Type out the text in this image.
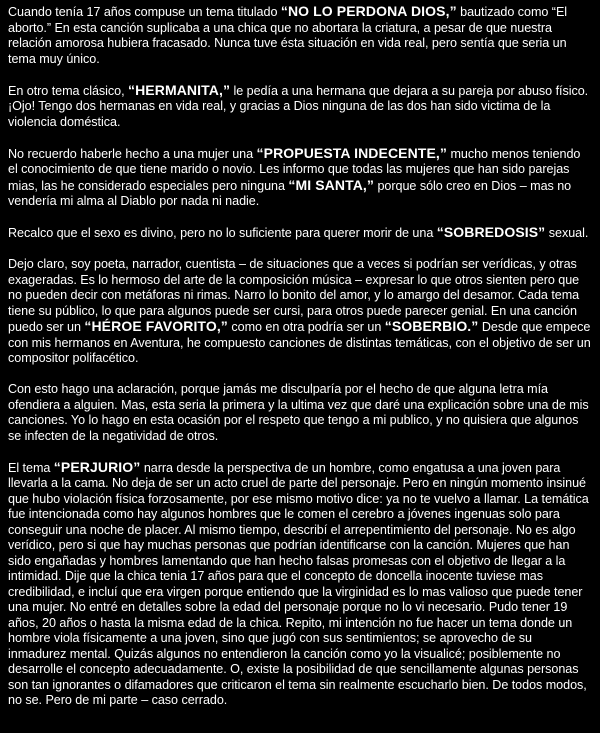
Cuando tenía 17 años compuse un tema titulado “NO LO PERDONA DIOS,” bautizado como “El aborto.” En esta canción suplicaba a una chica que no abortara la criatura, a pesar de que nuestra relación amorosa hubiera fracasado. Nunca tuve ésta situación en vida real, pero sentía que seria un tema muy único.

En otro tema clásico, “HERMANITA,” le pedía a una hermana que dejara a su pareja por abuso físico. ¡Ojo! Tengo dos hermanas en vida real, y gracias a Dios ninguna de las dos han sido victima de la violencia doméstica.

No recuerdo haberle hecho a una mujer una “PROPUESTA INDECENTE,” mucho menos teniendo el conocimiento de que tiene marido o novio. Les informo que todas las mujeres que han sido parejas mias, las he considerado especiales pero ninguna “MI SANTA,” porque sólo creo en Dios – mas no vendería mi alma al Diablo por nada ni nadie.

Recalco que el sexo es divino, pero no lo suficiente para querer morir de una “SOBREDOSIS” sexual.

Dejo claro, soy poeta, narrador, cuentista – de situaciones que a veces si podrían ser verídicas, y otras exageradas. Es lo hermoso del arte de la composición música – expresar lo que otros sienten pero que no pueden decir con metáforas ni rimas. Narro lo bonito del amor, y lo amargo del desamor. Cada tema tiene su público, lo que para algunos puede ser cursi, para otros puede parecer genial. En una canción puedo ser un “HÉROE FAVORITO,” como en otra podría ser un “SOBERBIO.” Desde que empece con mis hermanos en Aventura, he compuesto canciones de distintas temáticas, con el objetivo de ser un compositor polifacético.

Con esto hago una aclaración, porque jamás me disculparía por el hecho de que alguna letra mía ofendiera a alguien. Mas, esta seria la primera y la ultima vez que daré una explicación sobre una de mis canciones. Yo lo hago en esta ocasión por el respeto que tengo a mi publico, y no quisiera que algunos se infecten de la negatividad de otros.

El tema “PERJURIO” narra desde la perspectiva de un hombre, como engatusa a una joven para llevarla a la cama. No deja de ser un acto cruel de parte del personaje. Pero en ningún momento insinué que hubo violación física forzosamente, por ese mismo motivo dice: ya no te vuelvo a llamar. La temática fue intencionada como hay algunos hombres que le comen el cerebro a jóvenes ingenuas solo para conseguir una noche de placer. Al mismo tiempo, describí el arrepentimiento del personaje. No es algo verídico, pero si que hay muchas personas que podrían identificarse con la canción. Mujeres que han sido engañadas y hombres lamentando que han hecho falsas promesas con el objetivo de llegar a la intimidad. Dije que la chica tenia 17 años para que el concepto de doncella inocente tuviese mas credibilidad, e incluí que era virgen porque entiendo que la virginidad es lo mas valioso que puede tener una mujer. No entré en detalles sobre la edad del personaje porque no lo vi necesario. Pudo tener 19 años, 20 años o hasta la misma edad de la chica. Repito, mi intención no fue hacer un tema donde un hombre viola físicamente a una joven, sino que jugó con sus sentimientos; se aprovecho de su inmadurez mental. Quizás algunos no entendieron la canción como yo la visualicé; posiblemente no desarrolle el concepto adecuadamente. O, existe la posibilidad de que sencillamente algunas personas son tan ignorantes o difamadores que criticaron el tema sin realmente escucharlo bien. De todos modos, no se. Pero de mi parte – caso cerrado.
